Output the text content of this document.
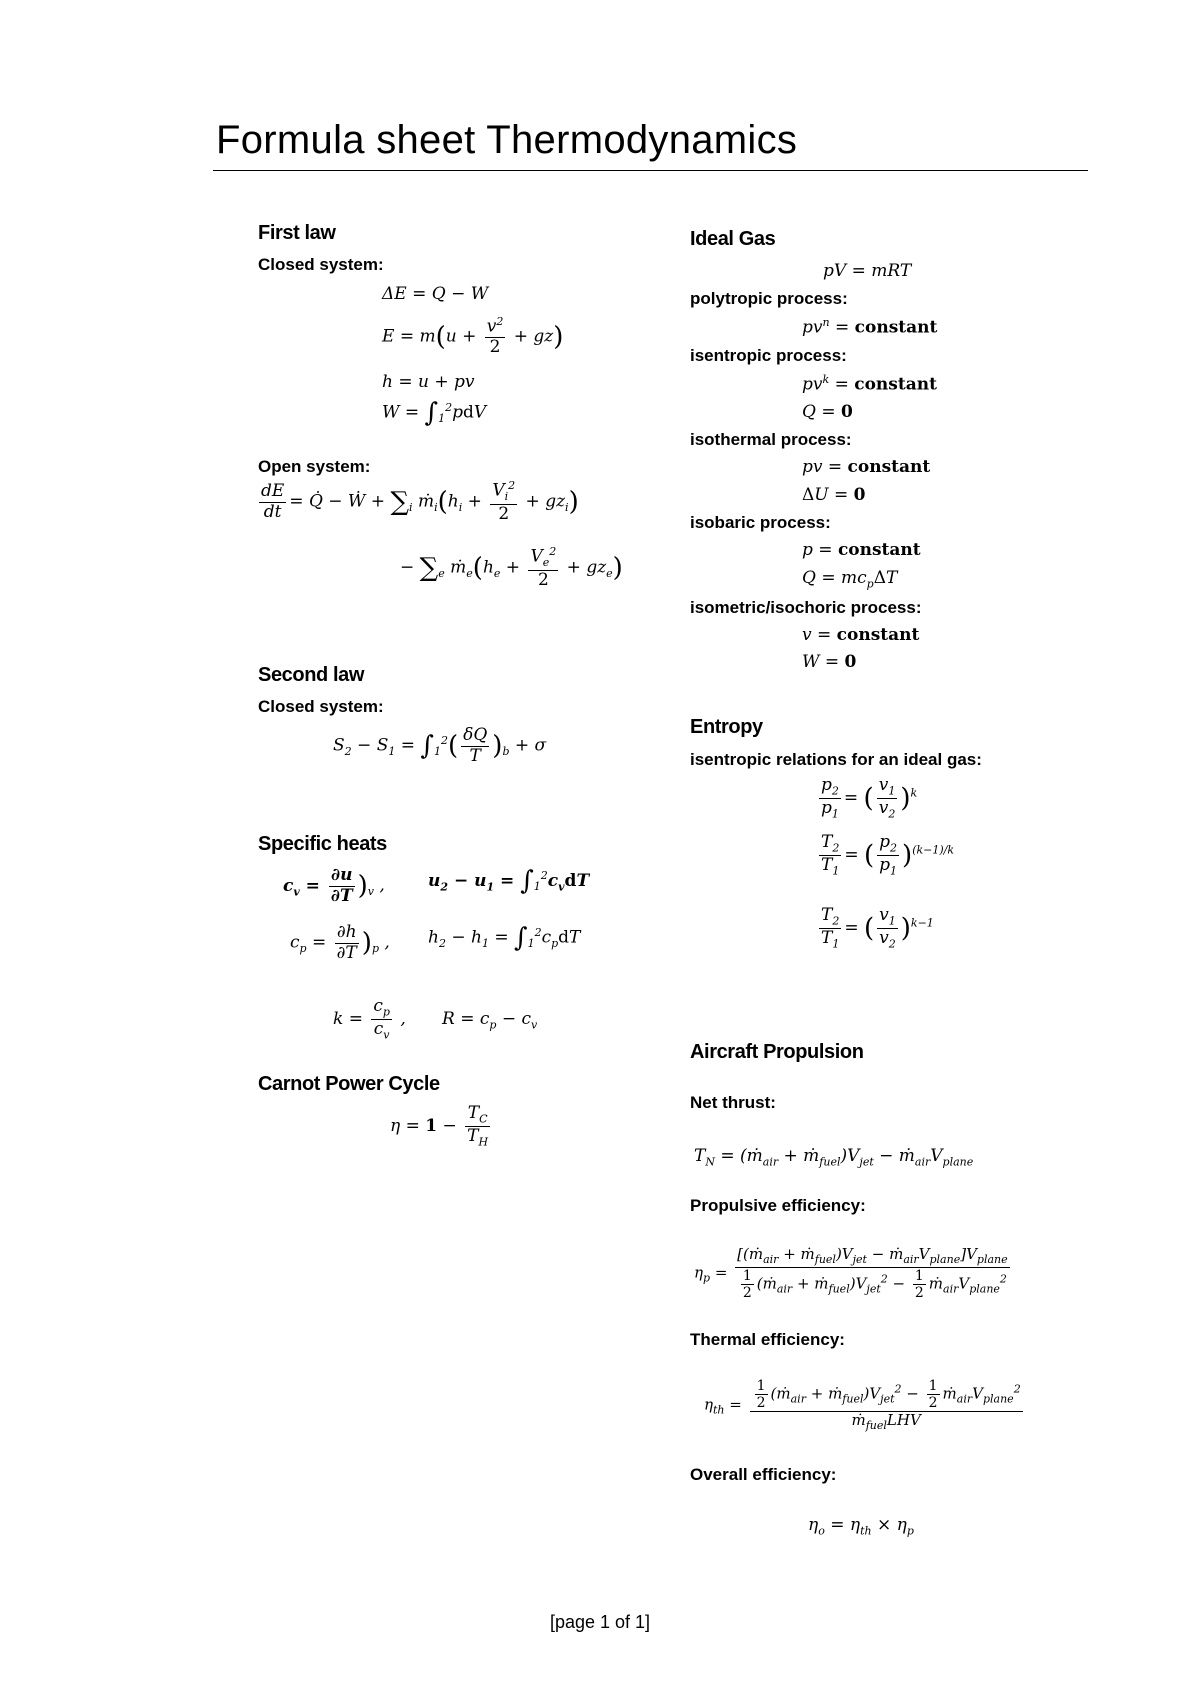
Formula sheet Thermodynamics
First law
Closed system:
ΔE = Q − W
$E = m(u + \frac{v^2}{2} + gz)$
h = u + pv
$W = \int_1^2pdV$
Open system:
$\frac{dE}{dt}$ = Q̇ − Ẇ + $\sum_i$ $ṁ_i(h_i + \frac{V_i^2}{2} + gz_i)$
− $\sum_e$ $ṁ_e(h_e + \frac{V_e^2}{2} + gz_e)$
Second law
Closed system:
$S_2 - S_1 = \int_1^2( \frac{\delta Q}{T} )_b + \sigma$
Specific heats
$c_v = \frac{\partial u}{\partial T} )_v$ ,	$u_2 - u_1 = \int_1^2c_vdT$
$c_p = \frac{\partial h}{\partial T} )_p$ , $h_2 - h_1 = \int_1^2c_pdT$
$k = \frac{c_p}{c_v}$ , $R = c_p - c_v$
Carnot Power Cycle
$\eta = 1 - \frac{T_C}{T_H}$
Ideal Gas
pV = mRT
polytropic process:
$pv^n$ = constant
isentropic process:
$pv^k$ = constant
Q = 0
isothermal process:
pv = constant
ΔU = 0
isobaric process:
p = constant
$Q = mc_p\Delta T$
isometric/isochoric process:
v = constant
W = 0
Entropy
isentropic relations for an ideal gas:
$\frac{p_2}{p_1}$ = ( $\frac{v_1}{v_2} )^k$
$\frac{T_2}{T_1}$ = ( $\frac{p_2}{p_1} )^{(k-1)/k}$
$\frac{T_2}{T_1}$ = ( $\frac{v_1}{v_2} )^{k-1}$
Aircraft Propulsion
Net thrust:
$T_N$ = (ṁ$_{air}$ + $ṁ_{fuel})V_{jet}$ − $ṁ_{air}V_{plane}$
Propulsive efficiency:
$\eta_p = \frac{[(ṁ_{air} + ṁ_{fuel})V_{jet} - ṁ_{air}V_{plane}]V_{plane}}{\frac{1}{2} (ṁ_{air} + ṁ_{fuel})V_{jet}^2 - \frac{1}{2} ṁ_{air}V_{plane}^2}$
Thermal efficiency:
$\eta_{th} = \frac{\frac{1}{2} (ṁ_{air} + ṁ_{fuel})V_{jet}^2 - \frac{1}{2} ṁ_{air}V_{plane}^2}{ṁ_{fuel}LHV}$
Overall efficiency:
$\eta_o = \eta_{th} \times \eta_p$
[page 1 of 1]
